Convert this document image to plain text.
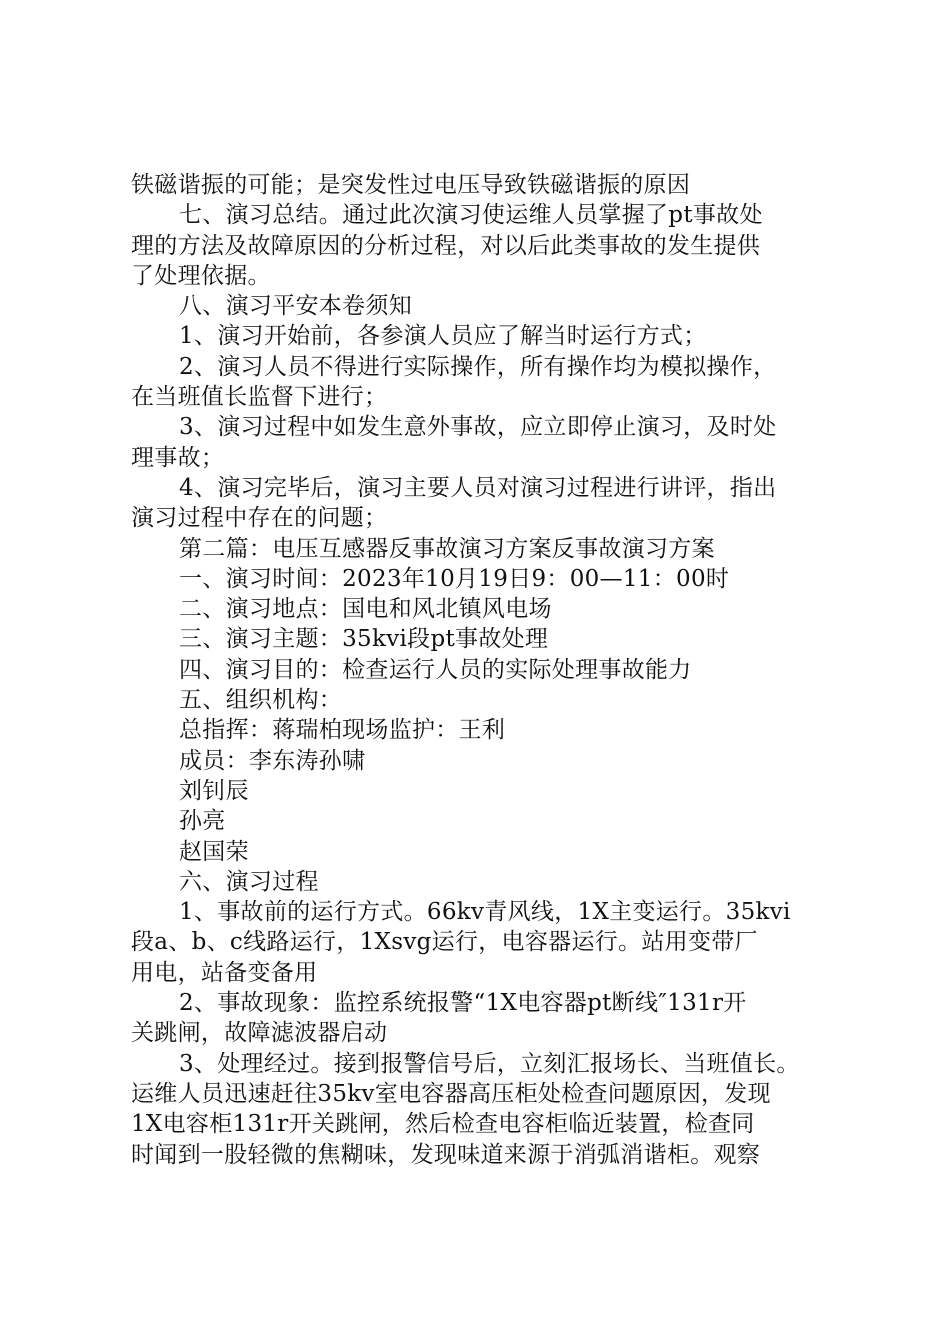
铁磁谐振的可能；是突发性过电压导致铁磁谐振的原因
七、演习总结。通过此次演习使运维人员掌握了pt事故处
理的方法及故障原因的分析过程，对以后此类事故的发生提供
了处理依据。
八、演习平安本卷须知
1、演习开始前，各参演人员应了解当时运行方式；
2、演习人员不得进行实际操作，所有操作均为模拟操作，
在当班值长监督下进行；
3、演习过程中如发生意外事故，应立即停止演习，及时处
理事故；
4、演习完毕后，演习主要人员对演习过程进行讲评，指出
演习过程中存在的问题；
第二篇：电压互感器反事故演习方案反事故演习方案
一、演习时间：2023年10月19日9：00—11：00时
二、演习地点：国电和风北镇风电场
三、演习主题：35kvi段pt事故处理
四、演习目的：检查运行人员的实际处理事故能力
五、组织机构：
总指挥：蒋瑞柏现场监护：王利
成员：李东涛孙啸
刘钊辰
孙亮
赵国荣
六、演习过程
1、事故前的运行方式。66kv青风线，1X主变运行。35kvi
段a、b、c线路运行，1Xsvg运行，电容器运行。站用变带厂
用电，站备变备用
2、事故现象：监控系统报警“1X电容器pt断线″131r开
关跳闸，故障滤波器启动
3、处理经过。接到报警信号后，立刻汇报场长、当班值长。
运维人员迅速赶往35kv室电容器高压柜处检查问题原因，发现
1X电容柜131r开关跳闸，然后检查电容柜临近装置，检查同
时闻到一股轻微的焦糊味，发现味道来源于消弧消谐柜。观察
